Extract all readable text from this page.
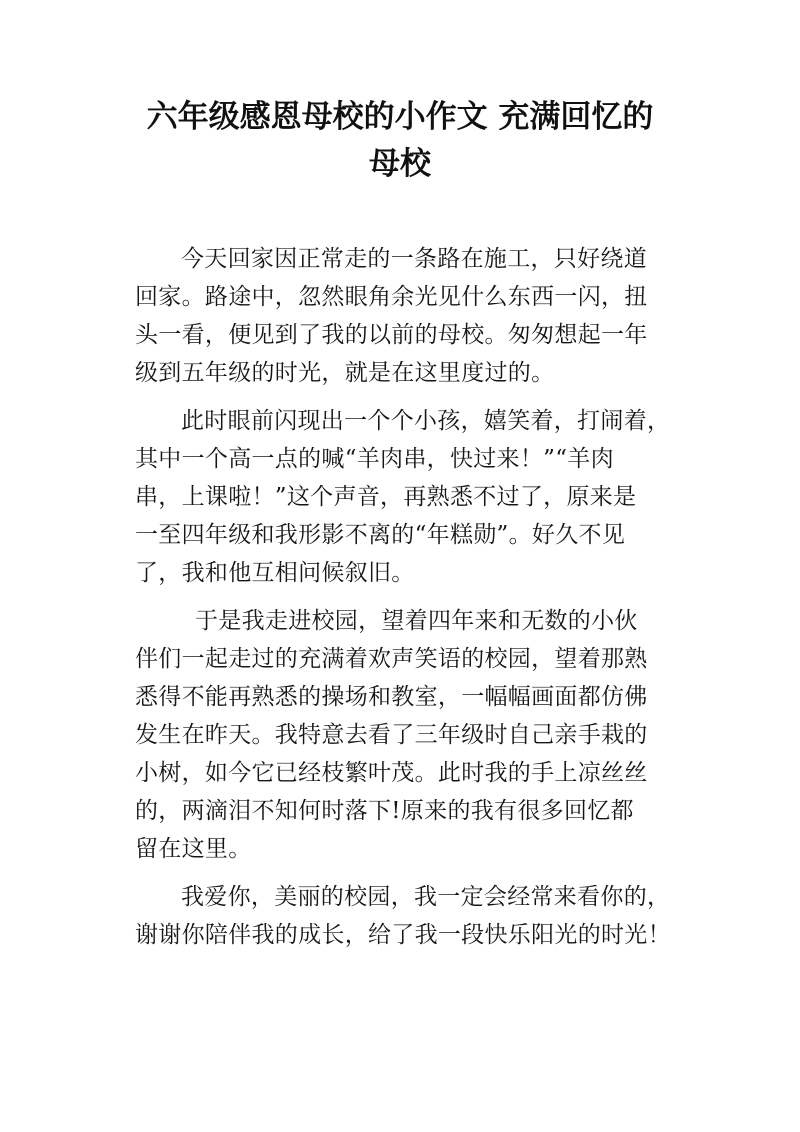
六年级感恩母校的小作文 充满回忆的
母校
今天回家因正常走的一条路在施工，只好绕道
回家。路途中，忽然眼角余光见什么东西一闪，扭
头一看，便见到了我的以前的母校。匆匆想起一年
级到五年级的时光，就是在这里度过的。
此时眼前闪现出一个个小孩，嬉笑着，打闹着，
其中一个高一点的喊“羊肉串，快过来！”“羊肉
串，上课啦！”这个声音，再熟悉不过了，原来是
一至四年级和我形影不离的“年糕勋”。好久不见
了，我和他互相问候叙旧。
于是我走进校园，望着四年来和无数的小伙
伴们一起走过的充满着欢声笑语的校园，望着那熟
悉得不能再熟悉的操场和教室，一幅幅画面都仿佛
发生在昨天。我特意去看了三年级时自己亲手栽的
小树，如今它已经枝繁叶茂。此时我的手上凉丝丝
的，两滴泪不知何时落下!原来的我有很多回忆都
留在这里。
我爱你，美丽的校园，我一定会经常来看你的，
谢谢你陪伴我的成长，给了我一段快乐阳光的时光！
